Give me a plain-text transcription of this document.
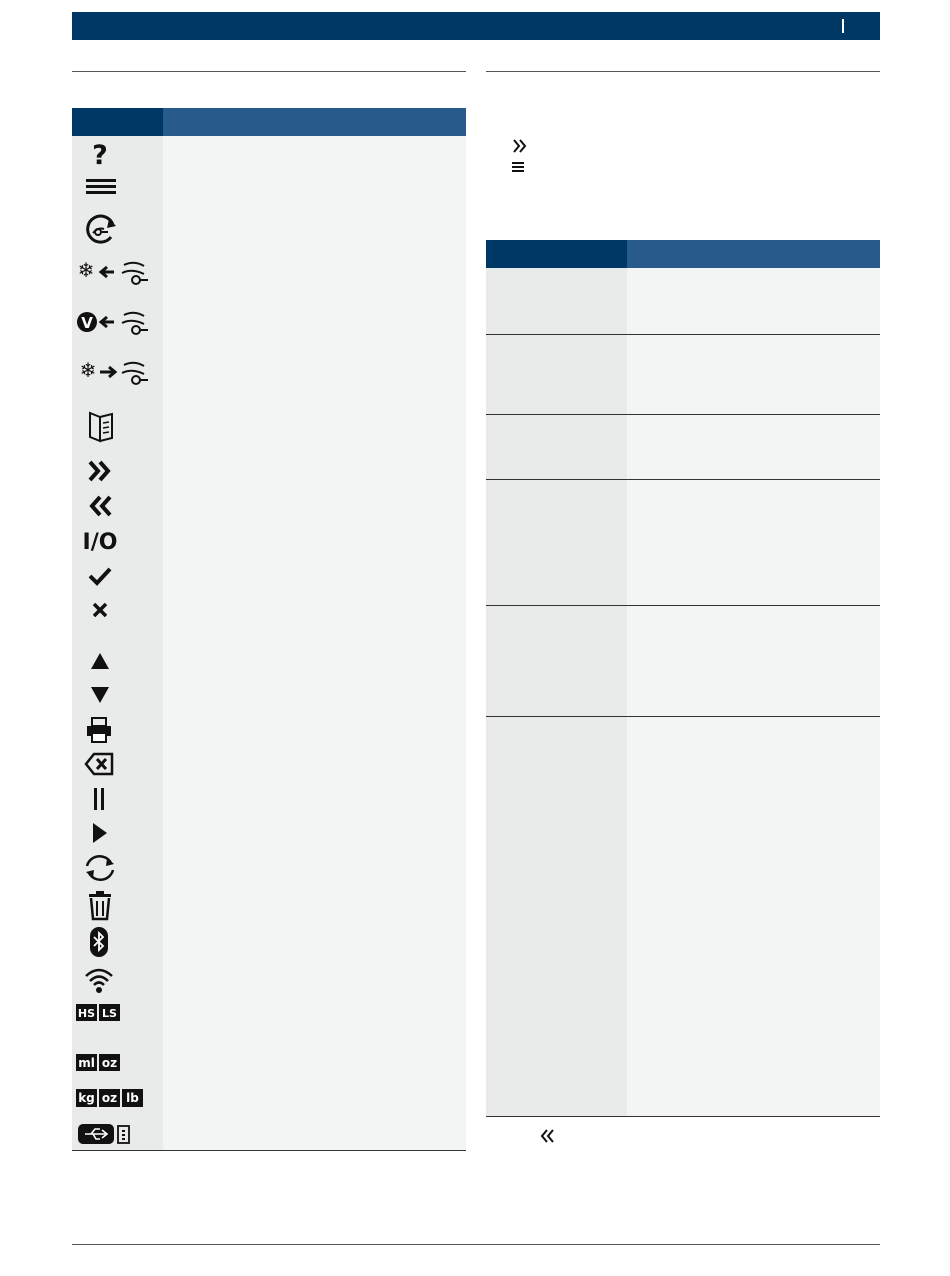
?
❄
V
❄
I/O
HS LS
ml oz
kg oz lb
